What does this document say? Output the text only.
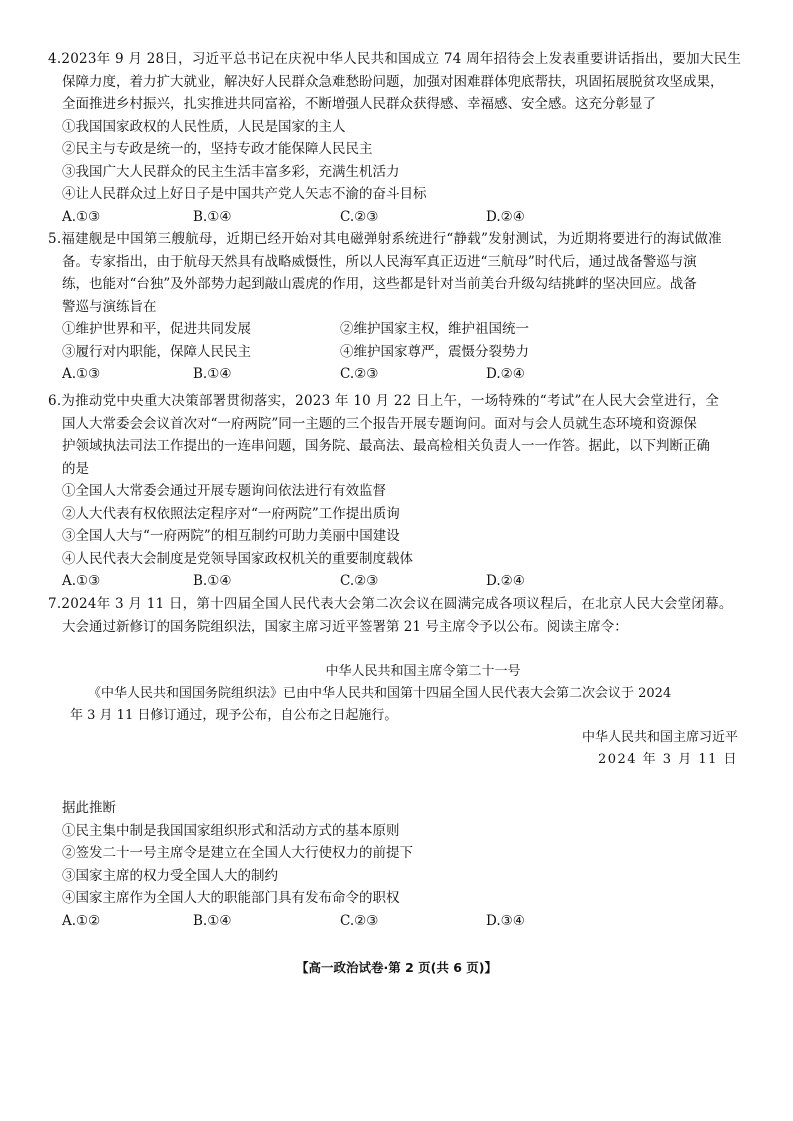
4.2023年 9 月 28日，习近平总书记在庆祝中华人民共和国成立 74 周年招待会上发表重要讲话指出，要加大民生
保障力度，着力扩大就业，解决好人民群众急难愁盼问题，加强对困难群体兜底帮扶，巩固拓展脱贫攻坚成果，
全面推进乡村振兴，扎实推进共同富裕，不断增强人民群众获得感、幸福感、安全感。这充分彰显了
①我国国家政权的人民性质，人民是国家的主人
②民主与专政是统一的，坚持专政才能保障人民民主
③我国广大人民群众的民主生活丰富多彩，充满生机活力
④让人民群众过上好日子是中国共产党人矢志不渝的奋斗目标
A.①③	B.①④	C.②③	D.②④
5.福建舰是中国第三艘航母，近期已经开始对其电磁弹射系统进行“静载”发射测试，为近期将要进行的海试做准
备。专家指出，由于航母天然具有战略威慑性，所以人民海军真正迈进“三航母”时代后，通过战备警巡与演
练，也能对“台独”及外部势力起到敲山震虎的作用，这些都是针对当前美台升级勾结挑衅的坚决回应。战备
警巡与演练旨在
①维护世界和平，促进共同发展	②维护国家主权，维护祖国统一
③履行对内职能，保障人民民主	④维护国家尊严，震慑分裂势力
A.①③	B.①④	C.②③	D.②④
6.为推动党中央重大决策部署贯彻落实，2023 年 10 月 22 日上午，一场特殊的“考试”在人民大会堂进行，全
国人大常委会会议首次对“一府两院”同一主题的三个报告开展专题询问。面对与会人员就生态环境和资源保
护领域执法司法工作提出的一连串问题，国务院、最高法、最高检相关负责人一一作答。据此，以下判断正确
的是
①全国人大常委会通过开展专题询问依法进行有效监督
②人大代表有权依照法定程序对“一府两院”工作提出质询
③全国人大与“一府两院”的相互制约可助力美丽中国建设
④人民代表大会制度是党领导国家政权机关的重要制度载体
A.①③	B.①④	C.②③	D.②④
7.2024年 3 月 11 日，第十四届全国人民代表大会第二次会议在圆满完成各项议程后，在北京人民大会堂闭幕。
大会通过新修订的国务院组织法，国家主席习近平签署第 21 号主席令予以公布。阅读主席令：
中华人民共和国主席令第二十一号
《中华人民共和国国务院组织法》已由中华人民共和国第十四届全国人民代表大会第二次会议于 2024
年 3 月 11 日修订通过，现予公布，自公布之日起施行。
中华人民共和国主席习近平
2024 年 3 月 11 日
据此推断
①民主集中制是我国国家组织形式和活动方式的基本原则
②签发二十一号主席令是建立在全国人大行使权力的前提下
③国家主席的权力受全国人大的制约
④国家主席作为全国人大的职能部门具有发布命令的职权
A.①②	B.①④	C.②③	D.③④
【高一政治试卷·第 2 页(共 6 页)】
